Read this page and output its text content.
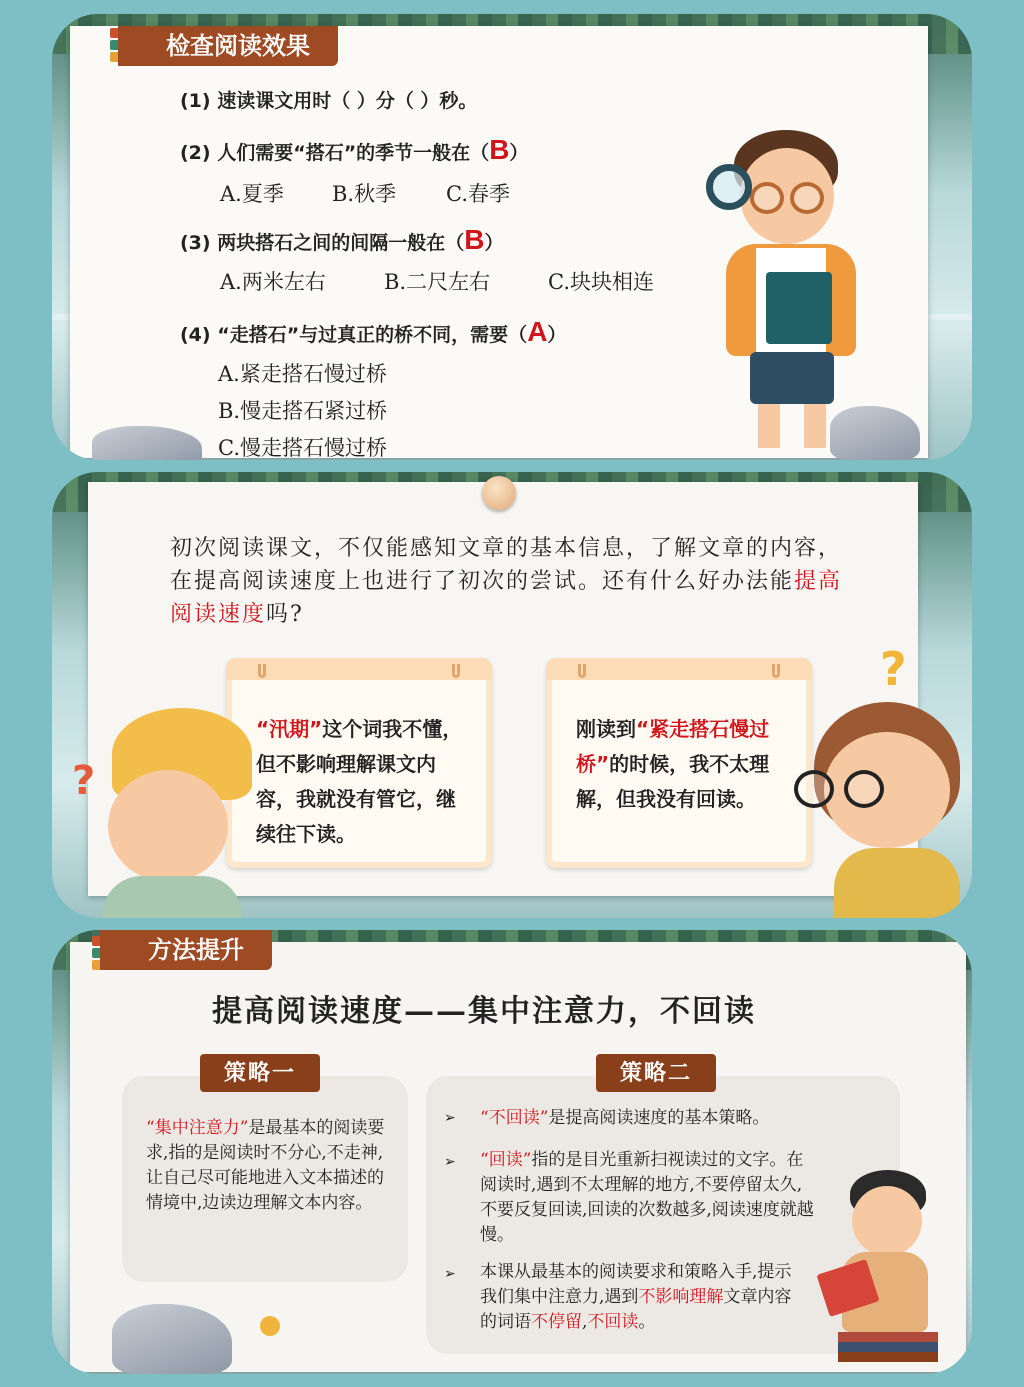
检查阅读效果
(1) 速读课文用时（ ）分（ ）秒。
(2) 人们需要“搭石”的季节一般在（B）
A.夏季 B.秋季 C.春季
(3) 两块搭石之间的间隔一般在（B）
A.两米左右	B.二尺左右	C.块块相连
(4) “走搭石”与过真正的桥不同，需要（A）
A.紧走搭石慢过桥
B.慢走搭石紧过桥
C.慢走搭石慢过桥
初次阅读课文，不仅能感知文章的基本信息，了解文章的内容，在提高阅读速度上也进行了初次的尝试。还有什么好办法能提高阅读速度吗?
“汛期”这个词我不懂，但不影响理解课文内容，我就没有管它，继续往下读。
刚读到“紧走搭石慢过桥”的时候，我不太理解，但我没有回读。
?
?
方法提升
提高阅读速度——集中注意力，不回读
策略一
“集中注意力”是最基本的阅读要求,指的是阅读时不分心,不走神,让自己尽可能地进入文本描述的情境中,边读边理解文本内容。
策略二
➢ “不回读”是提高阅读速度的基本策略。
➢ “回读”指的是目光重新扫视读过的文字。在阅读时,遇到不太理解的地方,不要停留太久,不要反复回读,回读的次数越多,阅读速度就越慢。
➢ 本课从最基本的阅读要求和策略入手,提示我们集中注意力,遇到不影响理解文章内容的词语不停留,不回读。
